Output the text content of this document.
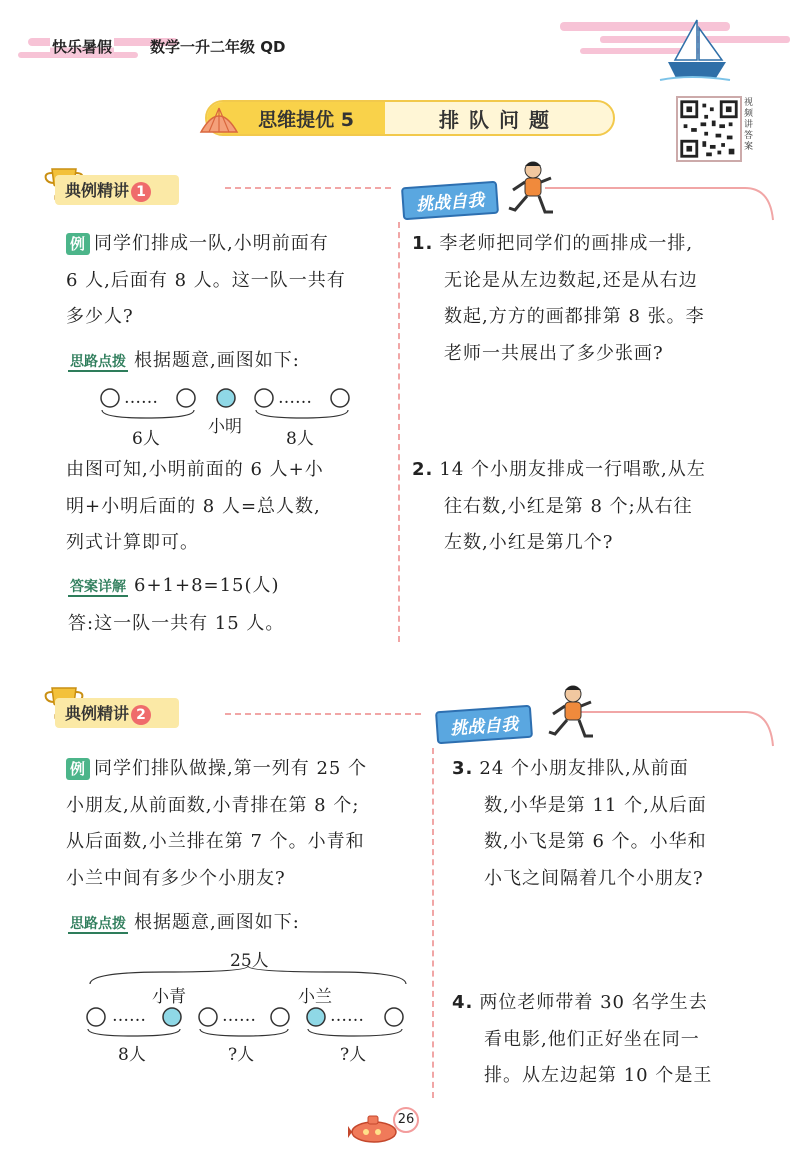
快乐暑假	数学一升二年级 QD
思维提优 5	排队问题
视频讲答案
典例精讲 1	挑战自我
例 同学们排成一队,小明前面有
6 人,后面有 8 人。这一队一共有
多少人?
思路点拨 根据题意,画图如下:
……	……
6人
小明
8人
由图可知,小明前面的 6 人+小
明+小明后面的 8 人=总人数,
列式计算即可。
答案详解 6+1+8=15(人)
答:这一队一共有 15 人。
1. 李老师把同学们的画排成一排,
无论是从左边数起,还是从右边
数起,方方的画都排第 8 张。李
老师一共展出了多少张画?
2. 14 个小朋友排成一行唱歌,从左
往右数,小红是第 8 个;从右往
左数,小红是第几个?
典例精讲 2	挑战自我
例 同学们排队做操,第一列有 25 个
小朋友,从前面数,小青排在第 8 个;
从后面数,小兰排在第 7 个。小青和
小兰中间有多少个小朋友?
思路点拨 根据题意,画图如下:
25人
小青	小兰
……	……	……
8人	?人	?人
3. 24 个小朋友排队,从前面
数,小华是第 11 个,从后面
数,小飞是第 6 个。小华和
小飞之间隔着几个小朋友?
4. 两位老师带着 30 名学生去
看电影,他们正好坐在同一
排。从左边起第 10 个是王
26
